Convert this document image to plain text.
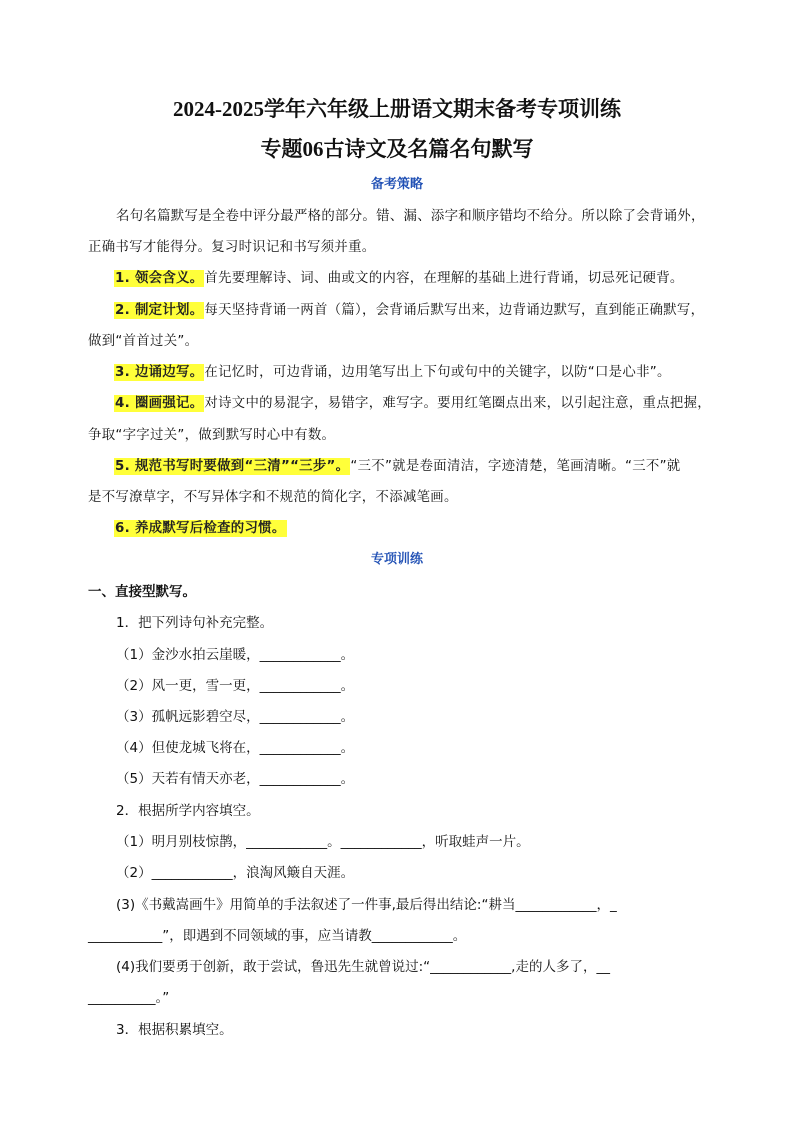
2024-2025学年六年级上册语文期末备考专项训练
专题06古诗文及名篇名句默写
备考策略
名句名篇默写是全卷中评分最严格的部分。错、漏、添字和顺序错均不给分。所以除了会背诵外，
正确书写才能得分。复习时识记和书写须并重。
1. 领会含义。首先要理解诗、词、曲或文的内容，在理解的基础上进行背诵，切忌死记硬背。
2. 制定计划。每天坚持背诵一两首（篇），会背诵后默写出来，边背诵边默写，直到能正确默写，
做到“首首过关”。
3. 边诵边写。在记忆时，可边背诵，边用笔写出上下句或句中的关键字，以防“口是心非”。
4. 圈画强记。对诗文中的易混字，易错字，难写字。要用红笔圈点出来，以引起注意，重点把握，
争取“字字过关”，做到默写时心中有数。
5. 规范书写时要做到“三清”“三步”。“三不”就是卷面清洁，字迹清楚，笔画清晰。“三不”就
是不写潦草字，不写异体字和不规范的简化字，不添减笔画。
6. 养成默写后检查的习惯。
专项训练
一、直接型默写。
1．把下列诗句补充完整。
（1）金沙水拍云崖暖，____________。
（2）风一更，雪一更，____________。
（3）孤帆远影碧空尽，____________。
（4）但使龙城飞将在，____________。
（5）天若有情天亦老，____________。
2．根据所学内容填空。
（1）明月别枝惊鹊，____________。____________，听取蛙声一片。
（2）____________，浪淘风簸自天涯。
(3)《书戴嵩画牛》用简单的手法叙述了一件事,最后得出结论:“耕当____________，_
___________”，即遇到不同领域的事，应当请教____________。
(4)我们要勇于创新，敢于尝试，鲁迅先生就曾说过:“____________,走的人多了，__
__________。”
3．根据积累填空。
